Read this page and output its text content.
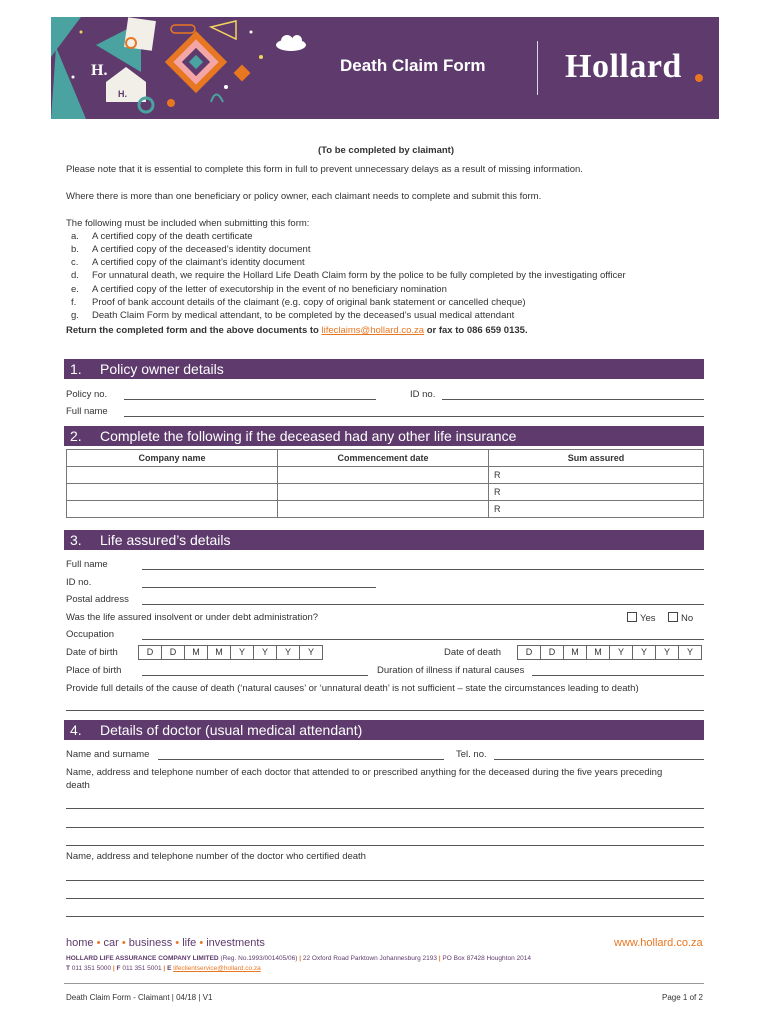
H.
H.
Death Claim Form Hollard
(To be completed by claimant)
Please note that it is essential to complete this form in full to prevent unnecessary delays as a result of missing information.
Where there is more than one beneficiary or policy owner, each claimant needs to complete and submit this form.
The following must be included when submitting this form:
a. A certified copy of the death certificate
b. A certified copy of the deceased’s identity document
c. A certified copy of the claimant’s identity document
d. For unnatural death, we require the Hollard Life Death Claim form by the police to be fully completed by the investigating officer
e. A certified copy of the letter of executorship in the event of no beneficiary nomination
f. Proof of bank account details of the claimant (e.g. copy of original bank statement or cancelled cheque)
g. Death Claim Form by medical attendant, to be completed by the deceased’s usual medical attendant
Return the completed form and the above documents to lifeclaims@hollard.co.za or fax to 086 659 0135.
1. Policy owner details
Policy no.	ID no.
Full name
2. Complete the following if the deceased had any other life insurance
Company name	Commencement date	Sum assured
		R
		R
		R
3. Life assured’s details
Full name
ID no.
Postal address
Was the life assured insolvent or under debt administration?	Yes	No
Occupation
Date of birth	D	D	M	M	Y	Y	Y	Y	Date of death	D	D	M	M	Y	Y	Y	Y
Place of birth	Duration of illness if natural causes
Provide full details of the cause of death (‘natural causes’ or ‘unnatural death’ is not sufficient – state the circumstances leading to death)
4. Details of doctor (usual medical attendant)
Name and surname	Tel. no.
Name, address and telephone number of each doctor that attended to or prescribed anything for the deceased during the five years preceding
death
Name, address and telephone number of the doctor who certified death
home • car • business • life • investments	www.hollard.co.za
HOLLARD LIFE ASSURANCE COMPANY LIMITED (Reg. No.1993/001405/06) | 22 Oxford Road Parktown Johannesburg 2193 | PO Box 87428 Houghton 2014
T 011 351 5000 | F 011 351 5001 | E lifeclientservice@hollard.co.za
Death Claim Form - Claimant | 04/18 | V1	Page 1 of 2
